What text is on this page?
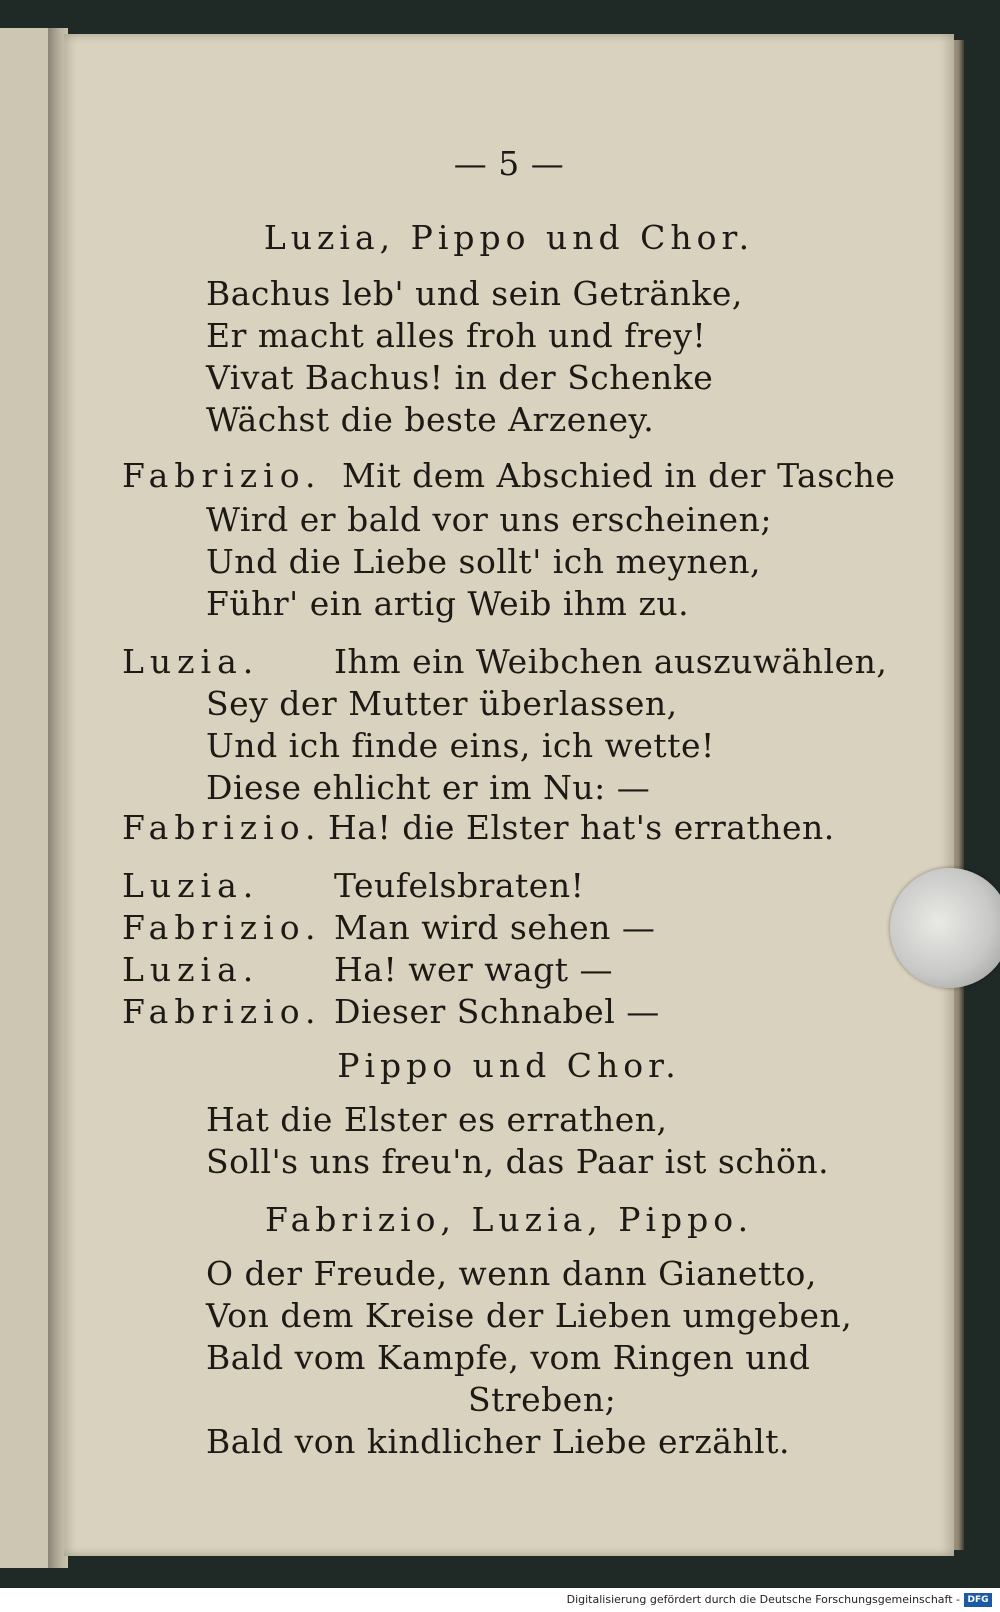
— 5 —
Luzia, Pippo und Chor.
Bachus leb' und sein Getränke,
Er macht alles froh und frey!
Vivat Bachus! in der Schenke
Wächst die beste Arzeney.
Fabrizio. Mit dem Abschied in der Tasche
Wird er bald vor uns erscheinen;
Und die Liebe sollt' ich meynen,
Führ' ein artig Weib ihm zu.
Luzia. Ihm ein Weibchen auszuwählen,
Sey der Mutter überlassen,
Und ich finde eins, ich wette!
Diese ehlicht er im Nu: —
Fabrizio. Ha! die Elster hat's errathen.
Luzia. Teufelsbraten!
Fabrizio. Man wird sehen —
Luzia. Ha! wer wagt —
Fabrizio. Dieser Schnabel —
Pippo und Chor.
Hat die Elster es errathen,
Soll's uns freu'n, das Paar ist schön.
Fabrizio, Luzia, Pippo.
O der Freude, wenn dann Gianetto,
Von dem Kreise der Lieben umgeben,
Bald vom Kampfe, vom Ringen und
Streben;
Bald von kindlicher Liebe erzählt.
Digitalisierung gefördert durch die Deutsche Forschungsgemeinschaft - DFG
